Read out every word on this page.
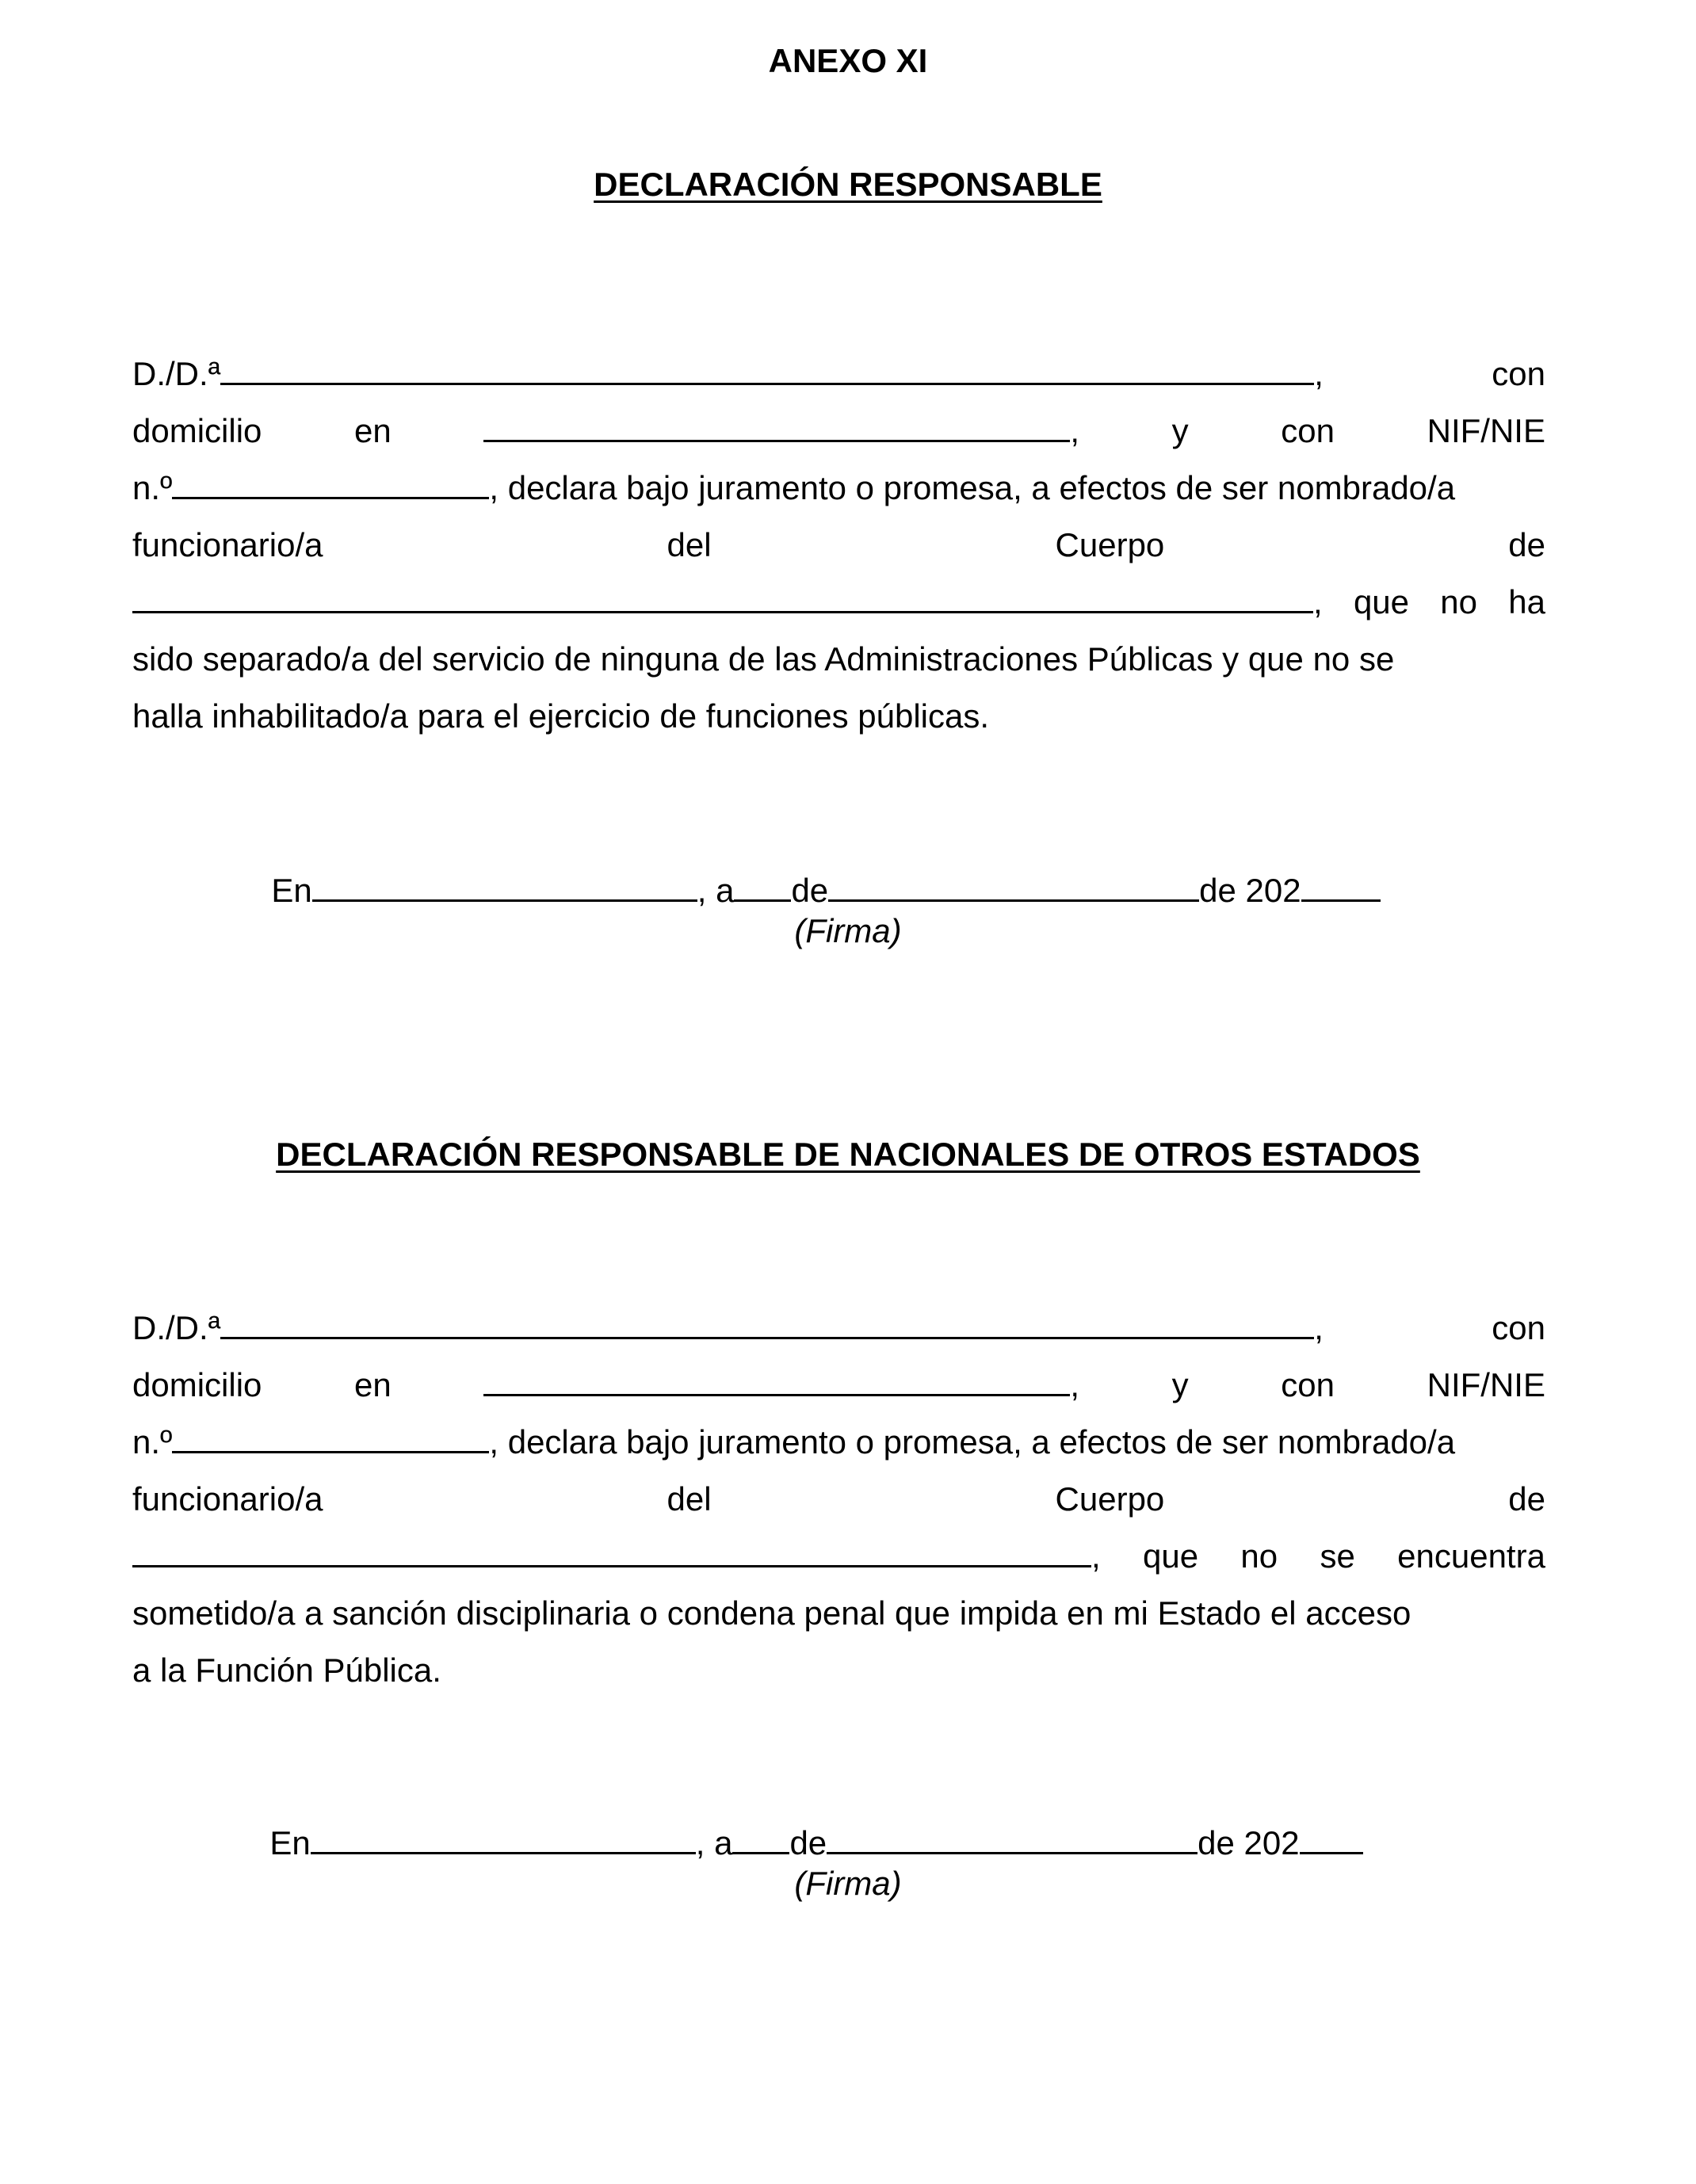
ANEXO XI
DECLARACIÓN RESPONSABLE
D./D.ª	,	con
domicilio	en	,	y	con	NIF/NIE
n.º	, declara bajo juramento o promesa, a efectos de ser nombrado/a
funcionario/a	del	Cuerpo	de
, que no ha
sido separado/a del servicio de ninguna de las Administraciones Públicas y que no se
halla inhabilitado/a para el ejercicio de funciones públicas.
En	, a de	de 202
(Firma)
DECLARACIÓN RESPONSABLE DE NACIONALES DE OTROS ESTADOS
D./D.ª	,	con
domicilio	en	,	y	con	NIF/NIE
n.º	, declara bajo juramento o promesa, a efectos de ser nombrado/a
funcionario/a	del	Cuerpo	de
, que no se encuentra
sometido/a a sanción disciplinaria o condena penal que impida en mi Estado el acceso
a la Función Pública.
En	, a de	de 202
(Firma)
